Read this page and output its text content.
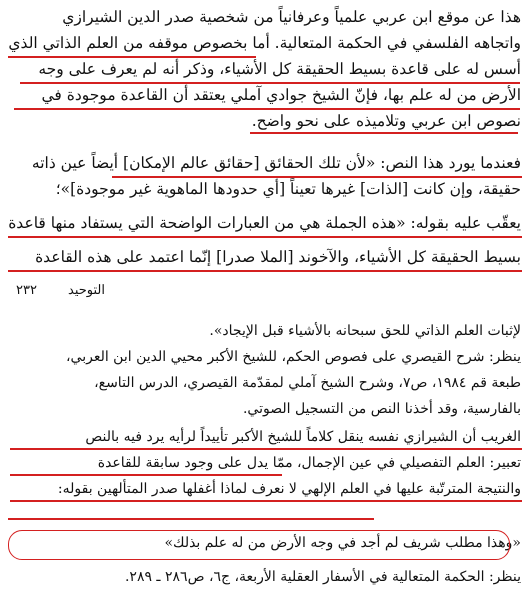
هذا عن موقع ابن عربي علمياً وعرفانياً من شخصية صدر الدين الشيرازي
واتجاهه الفلسفي في الحكمة المتعالية. أما بخصوص موقفه من العلم الذاتي الذي
أسس له على قاعدة بسيط الحقيقة كل الأشياء، وذكر أنه لم يعرف على وجه
الأرض من له علم بها، فإنّ الشيخ جوادي آملي يعتقد أن القاعدة موجودة في
نصوص ابن عربي وتلاميذه على نحو واضح.
فعندما يورد هذا النص: «لأن تلك الحقائق [حقائق عالم الإمكان] أيضاً عين ذاته
حقيقة، وإن كانت [الذات] غيرها تعيناً [أي حدودها الماهوية غير موجودة]»؛
يعقّب عليه بقوله: «هذه الجملة هي من العبارات الواضحة التي يستفاد منها قاعدة
بسيط الحقيقة كل الأشياء، والآخوند [الملا صدرا] إنّما اعتمد على هذه القاعدة
٢٣٢ التوحيد
لإثبات العلم الذاتي للحق سبحانه بالأشياء قبل الإيجاد».
ينظر: شرح القيصري على فصوص الحكم، للشيخ الأكبر محيي الدين ابن العربي،
طبعة قم ١٩٨٤، ص٧، وشرح الشيخ آملي لمقدّمة القيصري، الدرس التاسع،
بالفارسية، وقد أخذنا النص من التسجيل الصوتي.
الغريب أن الشيرازي نفسه ينقل كلاماً للشيخ الأكبر تأييداً لرأيه يرد فيه بالنص
تعبير: العلم التفصيلي في عين الإجمال، ممّا يدل على وجود سابقة للقاعدة
والنتيجة المترتّبة عليها في العلم الإلهي لا نعرف لماذا أغفلها صدر المتألهين بقوله:
«وهذا مطلب شريف لم أجد في وجه الأرض من له علم بذلك»
ينظر: الحكمة المتعالية في الأسفار العقلية الأربعة، ج٦، ص٢٨٦ ـ ٢٨٩.
